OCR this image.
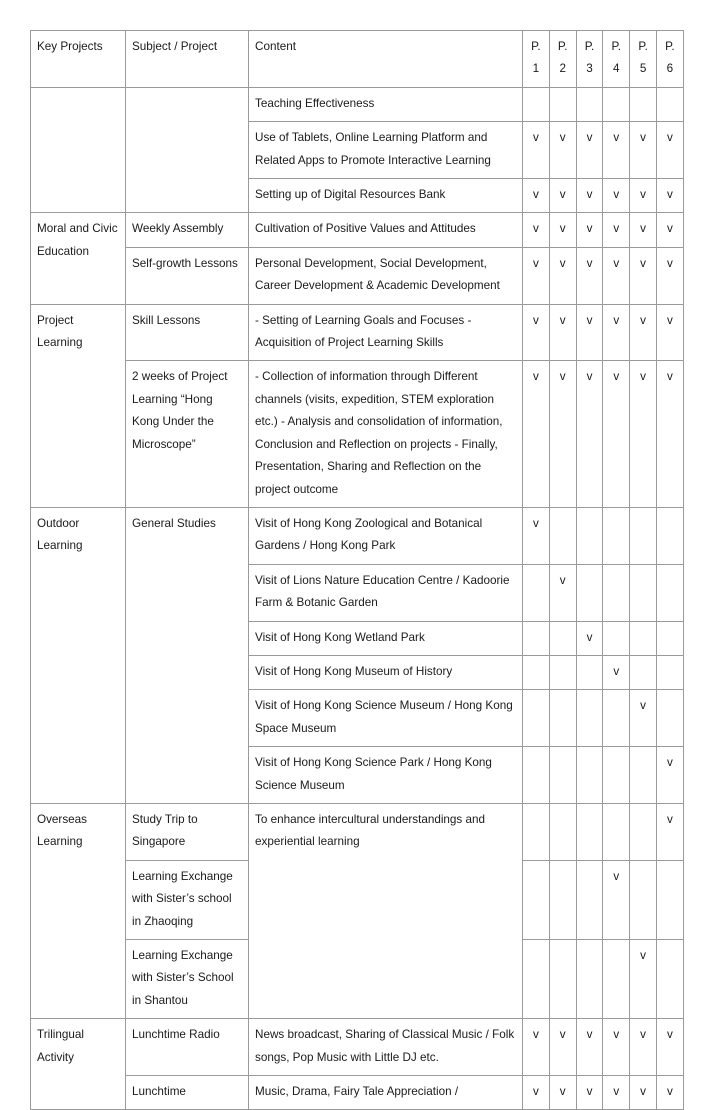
Key Projects	Subject / Project	Content	P.1	P.2	P.3	P.4	P.5	P.6
		Teaching Effectiveness						
		Use of Tablets, Online Learning Platform and Related Apps to Promote Interactive Learning	v	v	v	v	v	v
		Setting up of Digital Resources Bank	v	v	v	v	v	v
Moral and Civic Education	Weekly Assembly	Cultivation of Positive Values and Attitudes	v	v	v	v	v	v
	Self-growth Lessons	Personal Development, Social Development, Career Development & Academic Development	v	v	v	v	v	v
Project Learning	Skill Lessons	- Setting of Learning Goals and Focuses - Acquisition of Project Learning Skills	v	v	v	v	v	v
	2 weeks of Project Learning “Hong Kong Under the Microscope”	- Collection of information through Different channels (visits, expedition, STEM exploration etc.) - Analysis and consolidation of information, Conclusion and Reflection on projects - Finally, Presentation, Sharing and Reflection on the project outcome	v	v	v	v	v	v
Outdoor Learning	General Studies	Visit of Hong Kong Zoological and Botanical Gardens / Hong Kong Park	v					
		Visit of Lions Nature Education Centre / Kadoorie Farm & Botanic Garden		v				
		Visit of Hong Kong Wetland Park			v			
		Visit of Hong Kong Museum of History				v		
		Visit of Hong Kong Science Museum / Hong Kong Space Museum					v	
		Visit of Hong Kong Science Park / Hong Kong Science Museum						v
Overseas Learning	Study Trip to Singapore	To enhance intercultural understandings and experiential learning						v
	Learning Exchange with Sister’s school in Zhaoqing					v		
	Learning Exchange with Sister’s School in Shantou						v	
Trilingual Activity	Lunchtime Radio	News broadcast, Sharing of Classical Music / Folk songs, Pop Music with Little DJ etc.	v	v	v	v	v	v
	Lunchtime	Music, Drama, Fairy Tale Appreciation /	v	v	v	v	v	v
